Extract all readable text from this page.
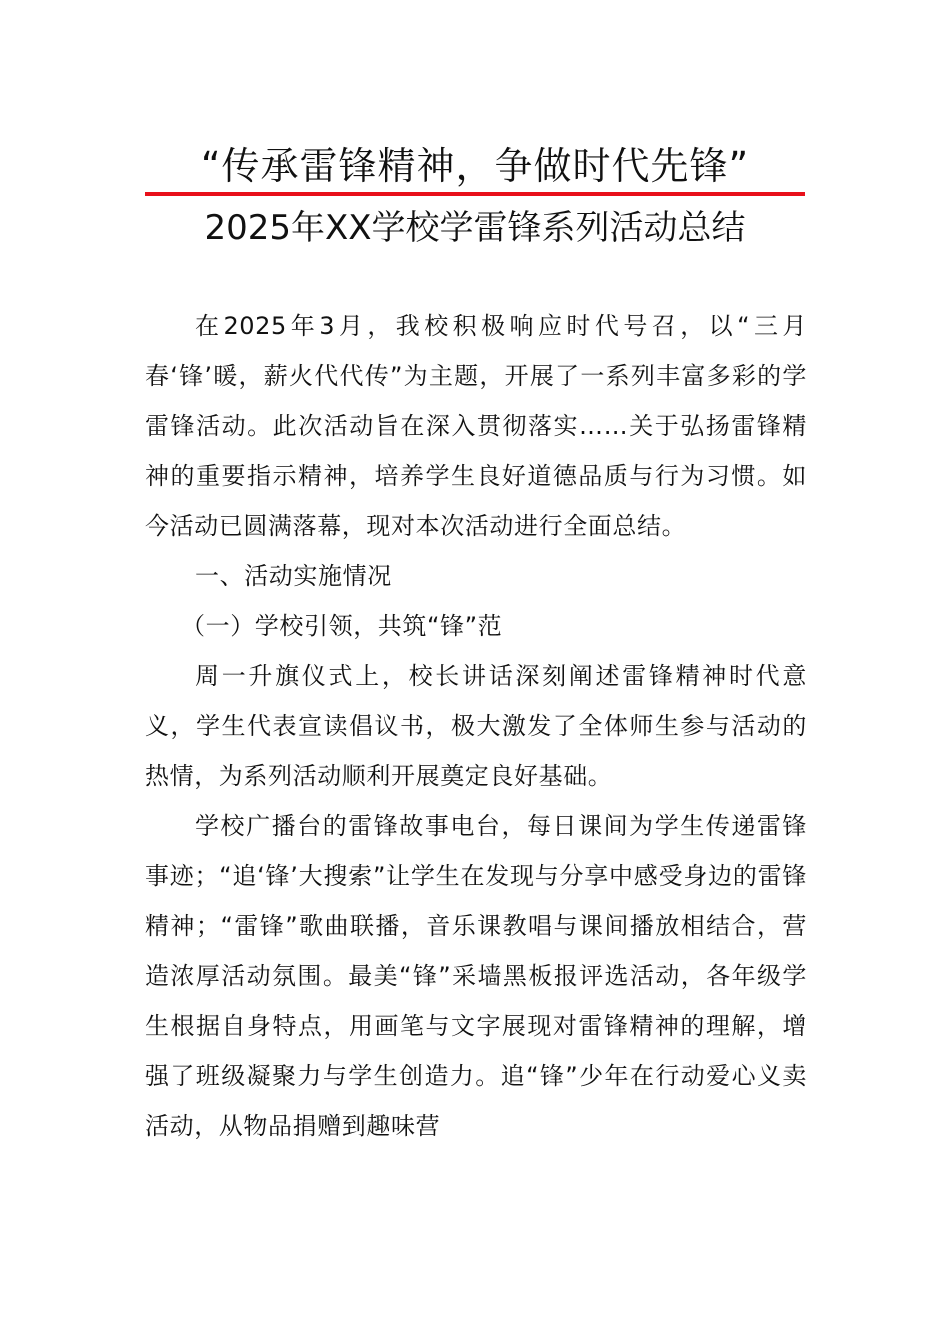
“传承雷锋精神，争做时代先锋”
2025年XX学校学雷锋系列活动总结

在2025年3月，我校积极响应时代号召，以“三月春‘锋’暖，薪火代代传”为主题，开展了一系列丰富多彩的学雷锋活动。此次活动旨在深入贯彻落实……关于弘扬雷锋精神的重要指示精神，培养学生良好道德品质与行为习惯。如今活动已圆满落幕，现对本次活动进行全面总结。

一、活动实施情况

（一）学校引领，共筑“锋”范

周一升旗仪式上，校长讲话深刻阐述雷锋精神时代意义，学生代表宣读倡议书，极大激发了全体师生参与活动的热情，为系列活动顺利开展奠定良好基础。

学校广播台的雷锋故事电台，每日课间为学生传递雷锋事迹；“追‘锋’大搜索”让学生在发现与分享中感受身边的雷锋精神；“雷锋”歌曲联播，音乐课教唱与课间播放相结合，营造浓厚活动氛围。最美“锋”采墙黑板报评选活动，各年级学生根据自身特点，用画笔与文字展现对雷锋精神的理解，增强了班级凝聚力与学生创造力。追“锋”少年在行动爱心义卖活动，从物品捐赠到趣味营
